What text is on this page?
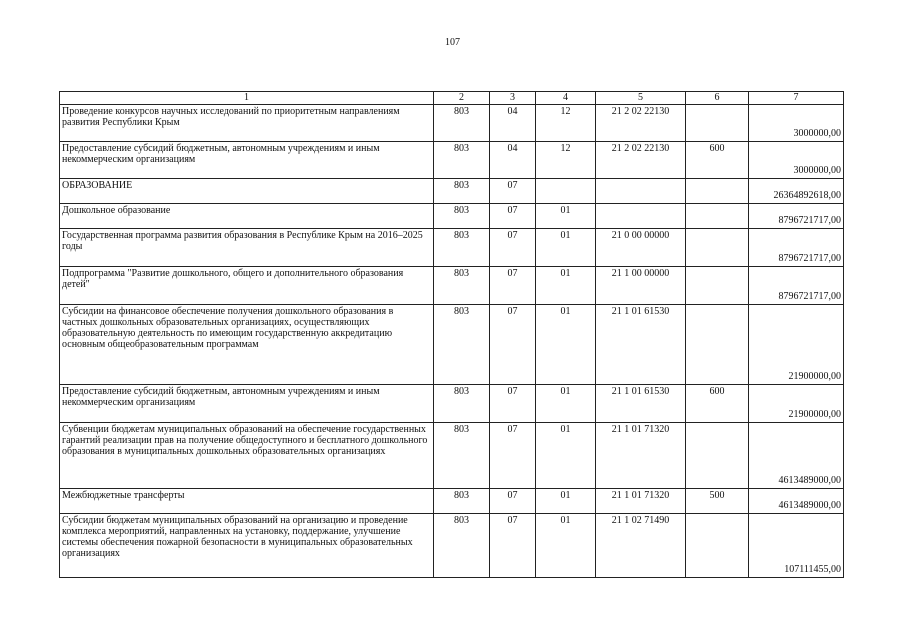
107
1	2	3	4	5	6	7
Проведение конкурсов научных исследований по приоритетным направлениям развития Республики Крым	803	04	12	21 2 02 22130		3000000,00
Предоставление субсидий бюджетным, автономным учреждениям и иным некоммерческим организациям	803	04	12	21 2 02 22130	600	3000000,00
ОБРАЗОВАНИЕ	803	07				26364892618,00
Дошкольное образование	803	07	01			8796721717,00
Государственная программа развития образования в Республике Крым на 2016–2025 годы	803	07	01	21 0 00 00000		8796721717,00
Подпрограмма "Развитие дошкольного, общего и дополнительного образования детей"	803	07	01	21 1 00 00000		8796721717,00
Субсидии на финансовое обеспечение получения дошкольного образования в частных дошкольных образовательных организациях, осуществляющих образовательную деятельность по имеющим государственную аккредитацию основным общеобразовательным программам	803	07	01	21 1 01 61530		21900000,00
Предоставление субсидий бюджетным, автономным учреждениям и иным некоммерческим организациям	803	07	01	21 1 01 61530	600	21900000,00
Субвенции бюджетам муниципальных образований на обеспечение государственных гарантий реализации прав на получение общедоступного и бесплатного дошкольного образования в муниципальных дошкольных образовательных организациях	803	07	01	21 1 01 71320		4613489000,00
Межбюджетные трансферты	803	07	01	21 1 01 71320	500	4613489000,00
Субсидии бюджетам муниципальных образований на организацию и проведение комплекса мероприятий, направленных на установку, поддержание, улучшение системы обеспечения пожарной безопасности в муниципальных образовательных организациях	803	07	01	21 1 02 71490		107111455,00
